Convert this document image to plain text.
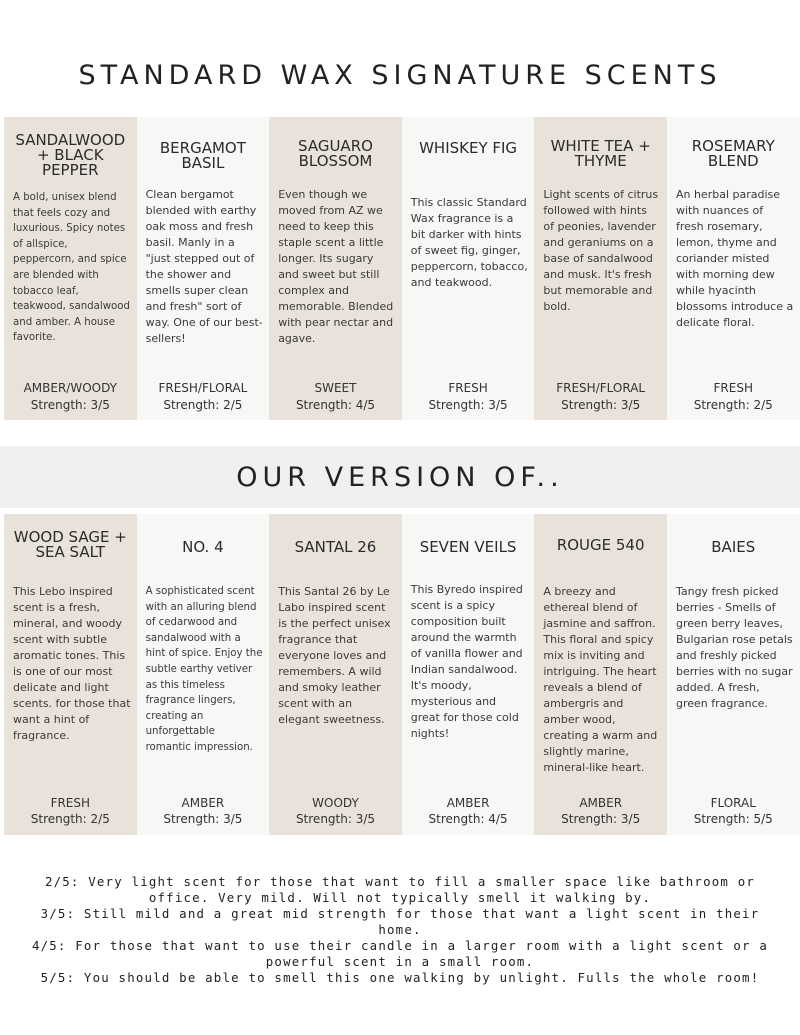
STANDARD WAX SIGNATURE SCENTS
SANDALWOOD + BLACK PEPPER
A bold, unisex blend that feels cozy and luxurious. Spicy notes of allspice, peppercorn, and spice are blended with tobacco leaf, teakwood, sandalwood and amber. A house favorite.
AMBER/WOODY
Strength: 3/5
BERGAMOT BASIL
Clean bergamot blended with earthy oak moss and fresh basil. Manly in a "just stepped out of the shower and smells super clean and fresh" sort of way. One of our best-sellers!
FRESH/FLORAL
Strength: 2/5
SAGUARO BLOSSOM
Even though we moved from AZ we need to keep this staple scent a little longer. Its sugary and sweet but still complex and memorable. Blended with pear nectar and agave.
SWEET
Strength: 4/5
WHISKEY FIG
This classic Standard Wax fragrance is a bit darker with hints of sweet fig, ginger, peppercorn, tobacco, and teakwood.
FRESH
Strength: 3/5
WHITE TEA + THYME
Light scents of citrus followed with hints of peonies, lavender and geraniums on a base of sandalwood and musk. It's fresh but memorable and bold.
FRESH/FLORAL
Strength: 3/5
ROSEMARY BLEND
An herbal paradise with nuances of fresh rosemary, lemon, thyme and coriander misted with morning dew while hyacinth blossoms introduce a delicate floral.
FRESH
Strength: 2/5
OUR VERSION OF..
WOOD SAGE + SEA SALT
This Lebo inspired scent is a fresh, mineral, and woody scent with subtle aromatic tones. This is one of our most delicate and light scents. for those that want a hint of fragrance.
FRESH
Strength: 2/5
NO. 4
A sophisticated scent with an alluring blend of cedarwood and sandalwood with a hint of spice. Enjoy the subtle earthy vetiver as this timeless fragrance lingers, creating an unforgettable romantic impression.
AMBER
Strength: 3/5
SANTAL 26
This Santal 26 by Le Labo inspired scent is the perfect unisex fragrance that everyone loves and remembers. A wild and smoky leather scent with an elegant sweetness.
WOODY
Strength: 3/5
SEVEN VEILS
This Byredo inspired scent is a spicy composition built around the warmth of vanilla flower and Indian sandalwood. It's moody, mysterious and great for those cold nights!
AMBER
Strength: 4/5
ROUGE 540
A breezy and ethereal blend of jasmine and saffron. This floral and spicy mix is inviting and intriguing. The heart reveals a blend of ambergris and amber wood, creating a warm and slightly marine, mineral-like heart.
AMBER
Strength: 3/5
BAIES
Tangy fresh picked berries - Smells of green berry leaves, Bulgarian rose petals and freshly picked berries with no sugar added. A fresh, green fragrance.
FLORAL
Strength: 5/5
2/5: Very light scent for those that want to fill a smaller space like bathroom or office. Very mild. Will not typically smell it walking by.
3/5: Still mild and a great mid strength for those that want a light scent in their home.
4/5: For those that want to use their candle in a larger room with a light scent or a powerful scent in a small room.
5/5: You should be able to smell this one walking by unlight. Fulls the whole room!
